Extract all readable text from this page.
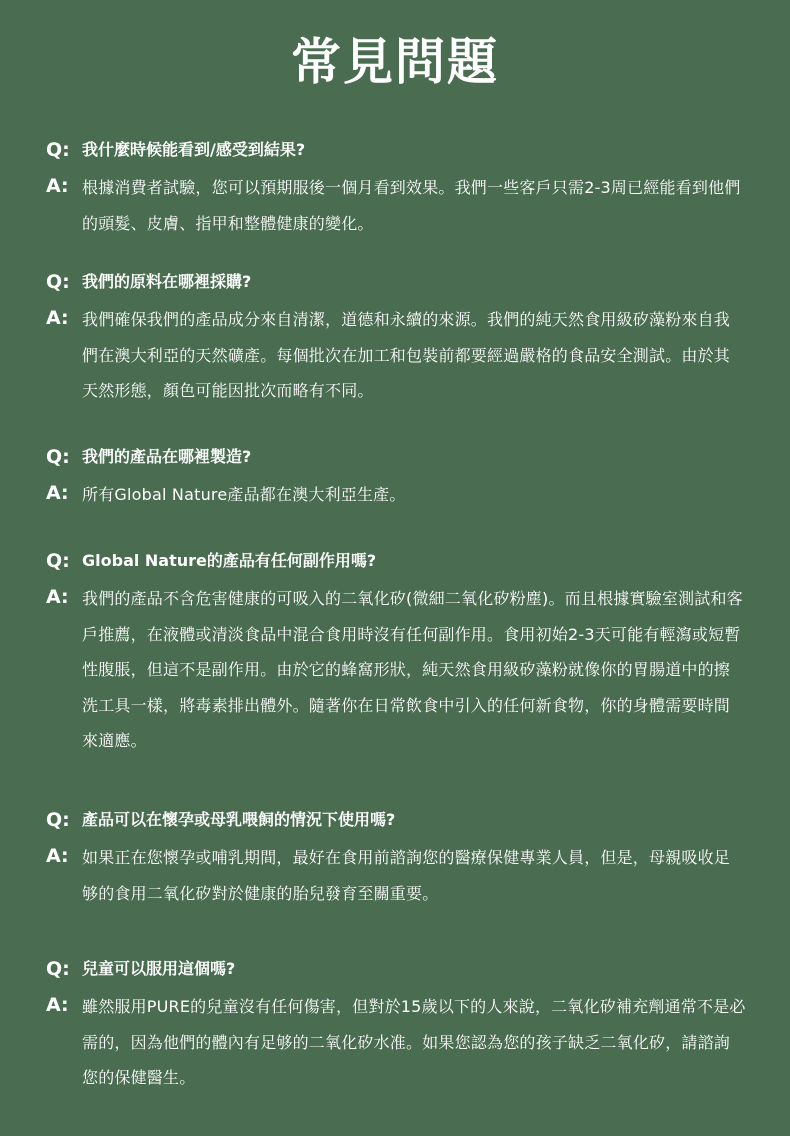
常見問題
Q: 我什麼時候能看到/感受到結果?
A: 根據消費者試驗，您可以預期服後一個月看到效果。我們一些客戶只需2-3周已經能看到他們的頭髮、皮膚、指甲和整體健康的變化。
Q: 我們的原料在哪裡採購?
A: 我們確保我們的產品成分來自清潔，道德和永續的來源。我們的純天然食用級矽藻粉來自我們在澳大利亞的天然礦產。每個批次在加工和包裝前都要經過嚴格的食品安全測試。由於其天然形態，顏色可能因批次而略有不同。
Q: 我們的產品在哪裡製造?
A: 所有Global Nature產品都在澳大利亞生產。
Q: Global Nature的產品有任何副作用嗎?
A: 我們的產品不含危害健康的可吸入的二氧化矽(微細二氧化矽粉塵)。而且根據實驗室測試和客戶推薦，在液體或清淡食品中混合食用時沒有任何副作用。食用初始2-3天可能有輕瀉或短暫性腹脹，但這不是副作用。由於它的蜂窩形狀，純天然食用級矽藻粉就像你的胃腸道中的擦洗工具一樣，將毒素排出體外。隨著你在日常飲食中引入的任何新食物，你的身體需要時間來適應。
Q: 產品可以在懷孕或母乳喂飼的情況下使用嗎?
A: 如果正在您懷孕或哺乳期間，最好在食用前諮詢您的醫療保健專業人員，但是，母親吸收足够的食用二氧化矽對於健康的胎兒發育至關重要。
Q: 兒童可以服用這個嗎?
A: 雖然服用PURE的兒童沒有任何傷害，但對於15歲以下的人來說，二氧化矽補充劑通常不是必需的，因為他們的體內有足够的二氧化矽水准。如果您認為您的孩子缺乏二氧化矽，請諮詢您的保健醫生。
